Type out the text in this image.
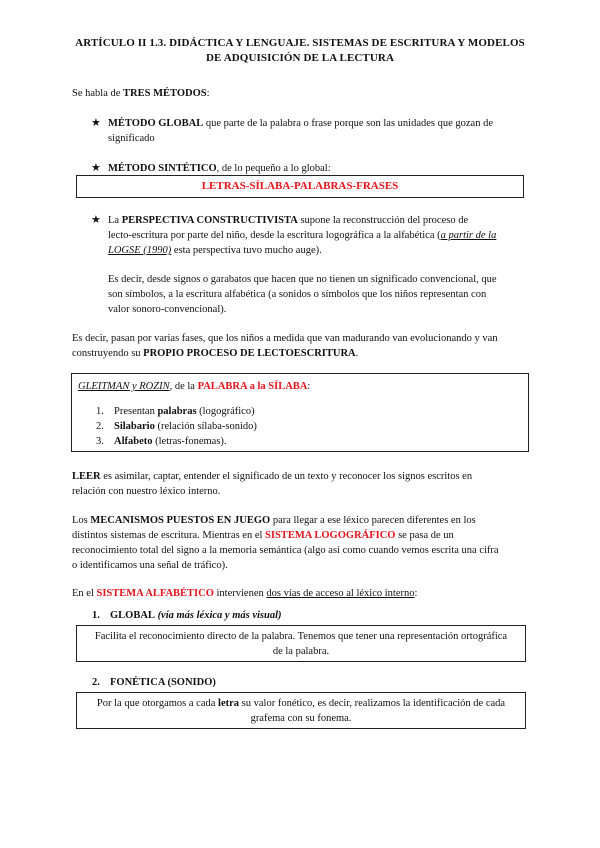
ARTÍCULO II 1.3. DIDÁCTICA Y LENGUAJE. SISTEMAS DE ESCRITURA Y MODELOS
DE ADQUISICIÓN DE LA LECTURA
Se habla de TRES MÉTODOS:
★ MÉTODO GLOBAL que parte de la palabra o frase porque son las unidades que gozan de
significado
★ MÉTODO SINTÉTICO, de lo pequeño a lo global:
LETRAS-SÍLABA-PALABRAS-FRASES
★ La PERSPECTIVA CONSTRUCTIVISTA supone la reconstrucción del proceso de
lecto-escritura por parte del niño, desde la escritura logográfica a la alfabética (a partir de la
LOGSE (1990) esta perspectiva tuvo mucho auge).
Es decir, desde signos o garabatos que hacen que no tienen un significado convencional, que
son símbolos, a la escritura alfabética (a sonidos o símbolos que los niños representan con
valor sonoro-convencional).
Es decir, pasan por varias fases, que los niños a medida que van madurando van evolucionando y van
construyendo su PROPIO PROCESO DE LECTOESCRITURA.
GLEITMAN y ROZIN, de la PALABRA a la SÍLABA:
1. Presentan palabras (logográfico)
2. Silabario (relación sílaba-sonido)
3. Alfabeto (letras-fonemas).
LEER es asimilar, captar, entender el significado de un texto y reconocer los signos escritos en
relación con nuestro léxico interno.
Los MECANISMOS PUESTOS EN JUEGO para llegar a ese léxico parecen diferentes en los
distintos sistemas de escritura. Mientras en el SISTEMA LOGOGRÁFICO se pasa de un
reconocimiento total del signo a la memoria semántica (algo así como cuando vemos escrita una cifra
o identificamos una señal de tráfico).
En el SISTEMA ALFABÉTICO intervienen dos vías de acceso al léxico interno:
1. GLOBAL (vía más léxica y más visual)
Facilita el reconocimiento directo de la palabra. Tenemos que tener una representación ortográfica
de la palabra.
2. FONÉTICA (SONIDO)
Por la que otorgamos a cada letra su valor fonético, es decir, realizamos la identificación de cada
grafema con su fonema.
